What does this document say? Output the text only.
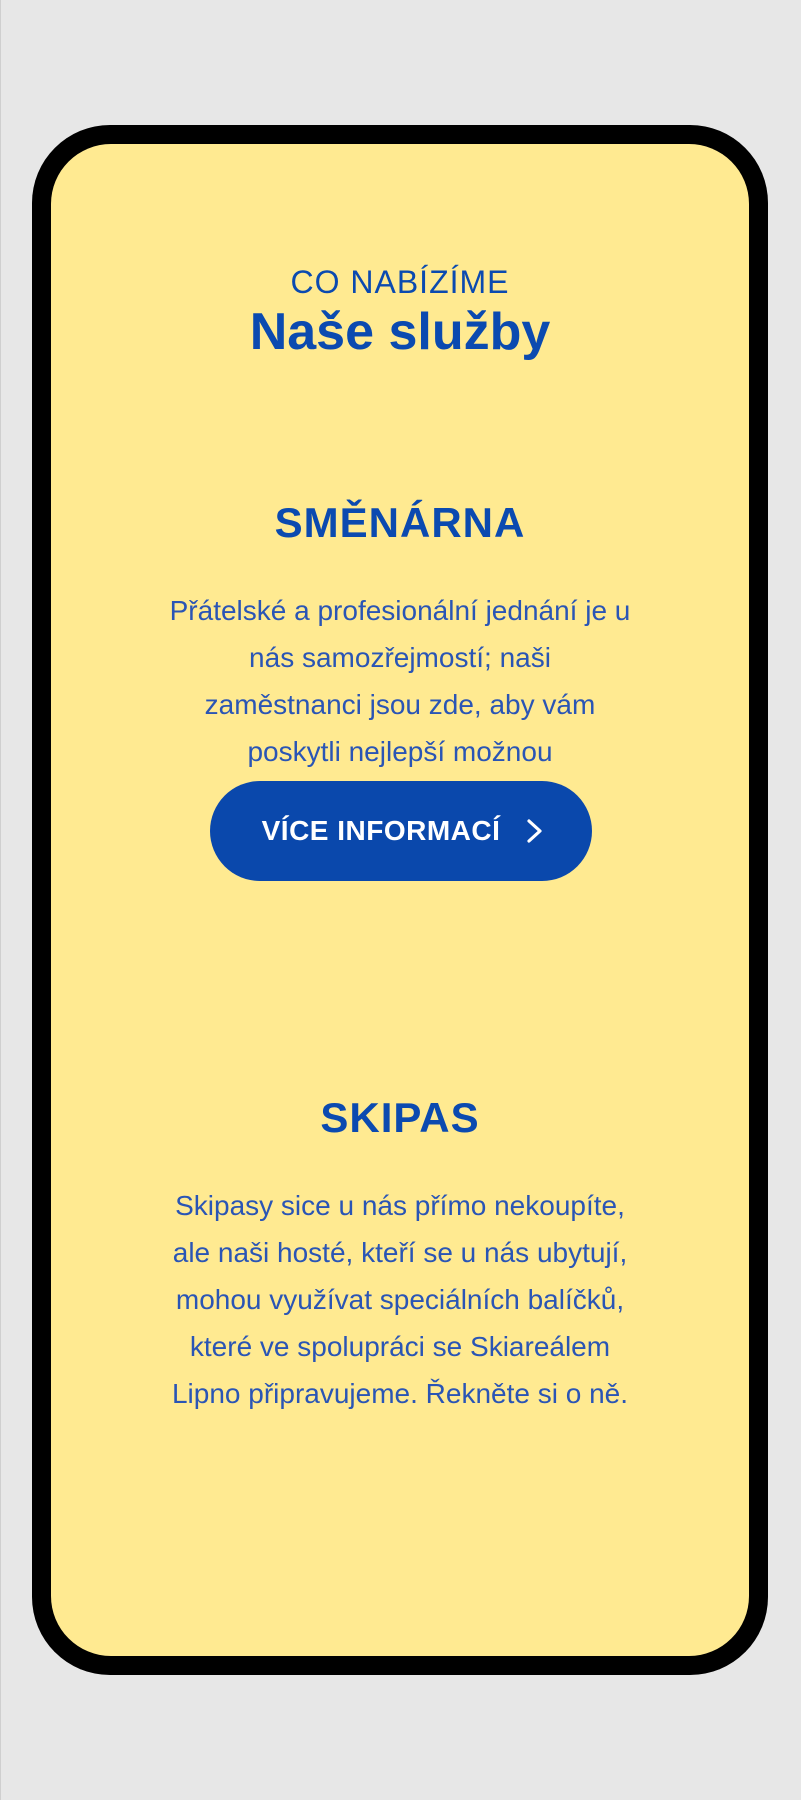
CO NABÍZÍME
Naše služby
SMĚNÁRNA
Přátelské a profesionální jednání je u nás samozřejmostí; naši zaměstnanci jsou zde, aby vám poskytli nejlepší možnou
VÍCE INFORMACÍ
SKIPAS
Skipasy sice u nás přímo nekoupíte, ale naši hosté, kteří se u nás ubytují, mohou využívat speciálních balíčků, které ve spolupráci se Skiareálem Lipno připravujeme. Řekněte si o ně.
